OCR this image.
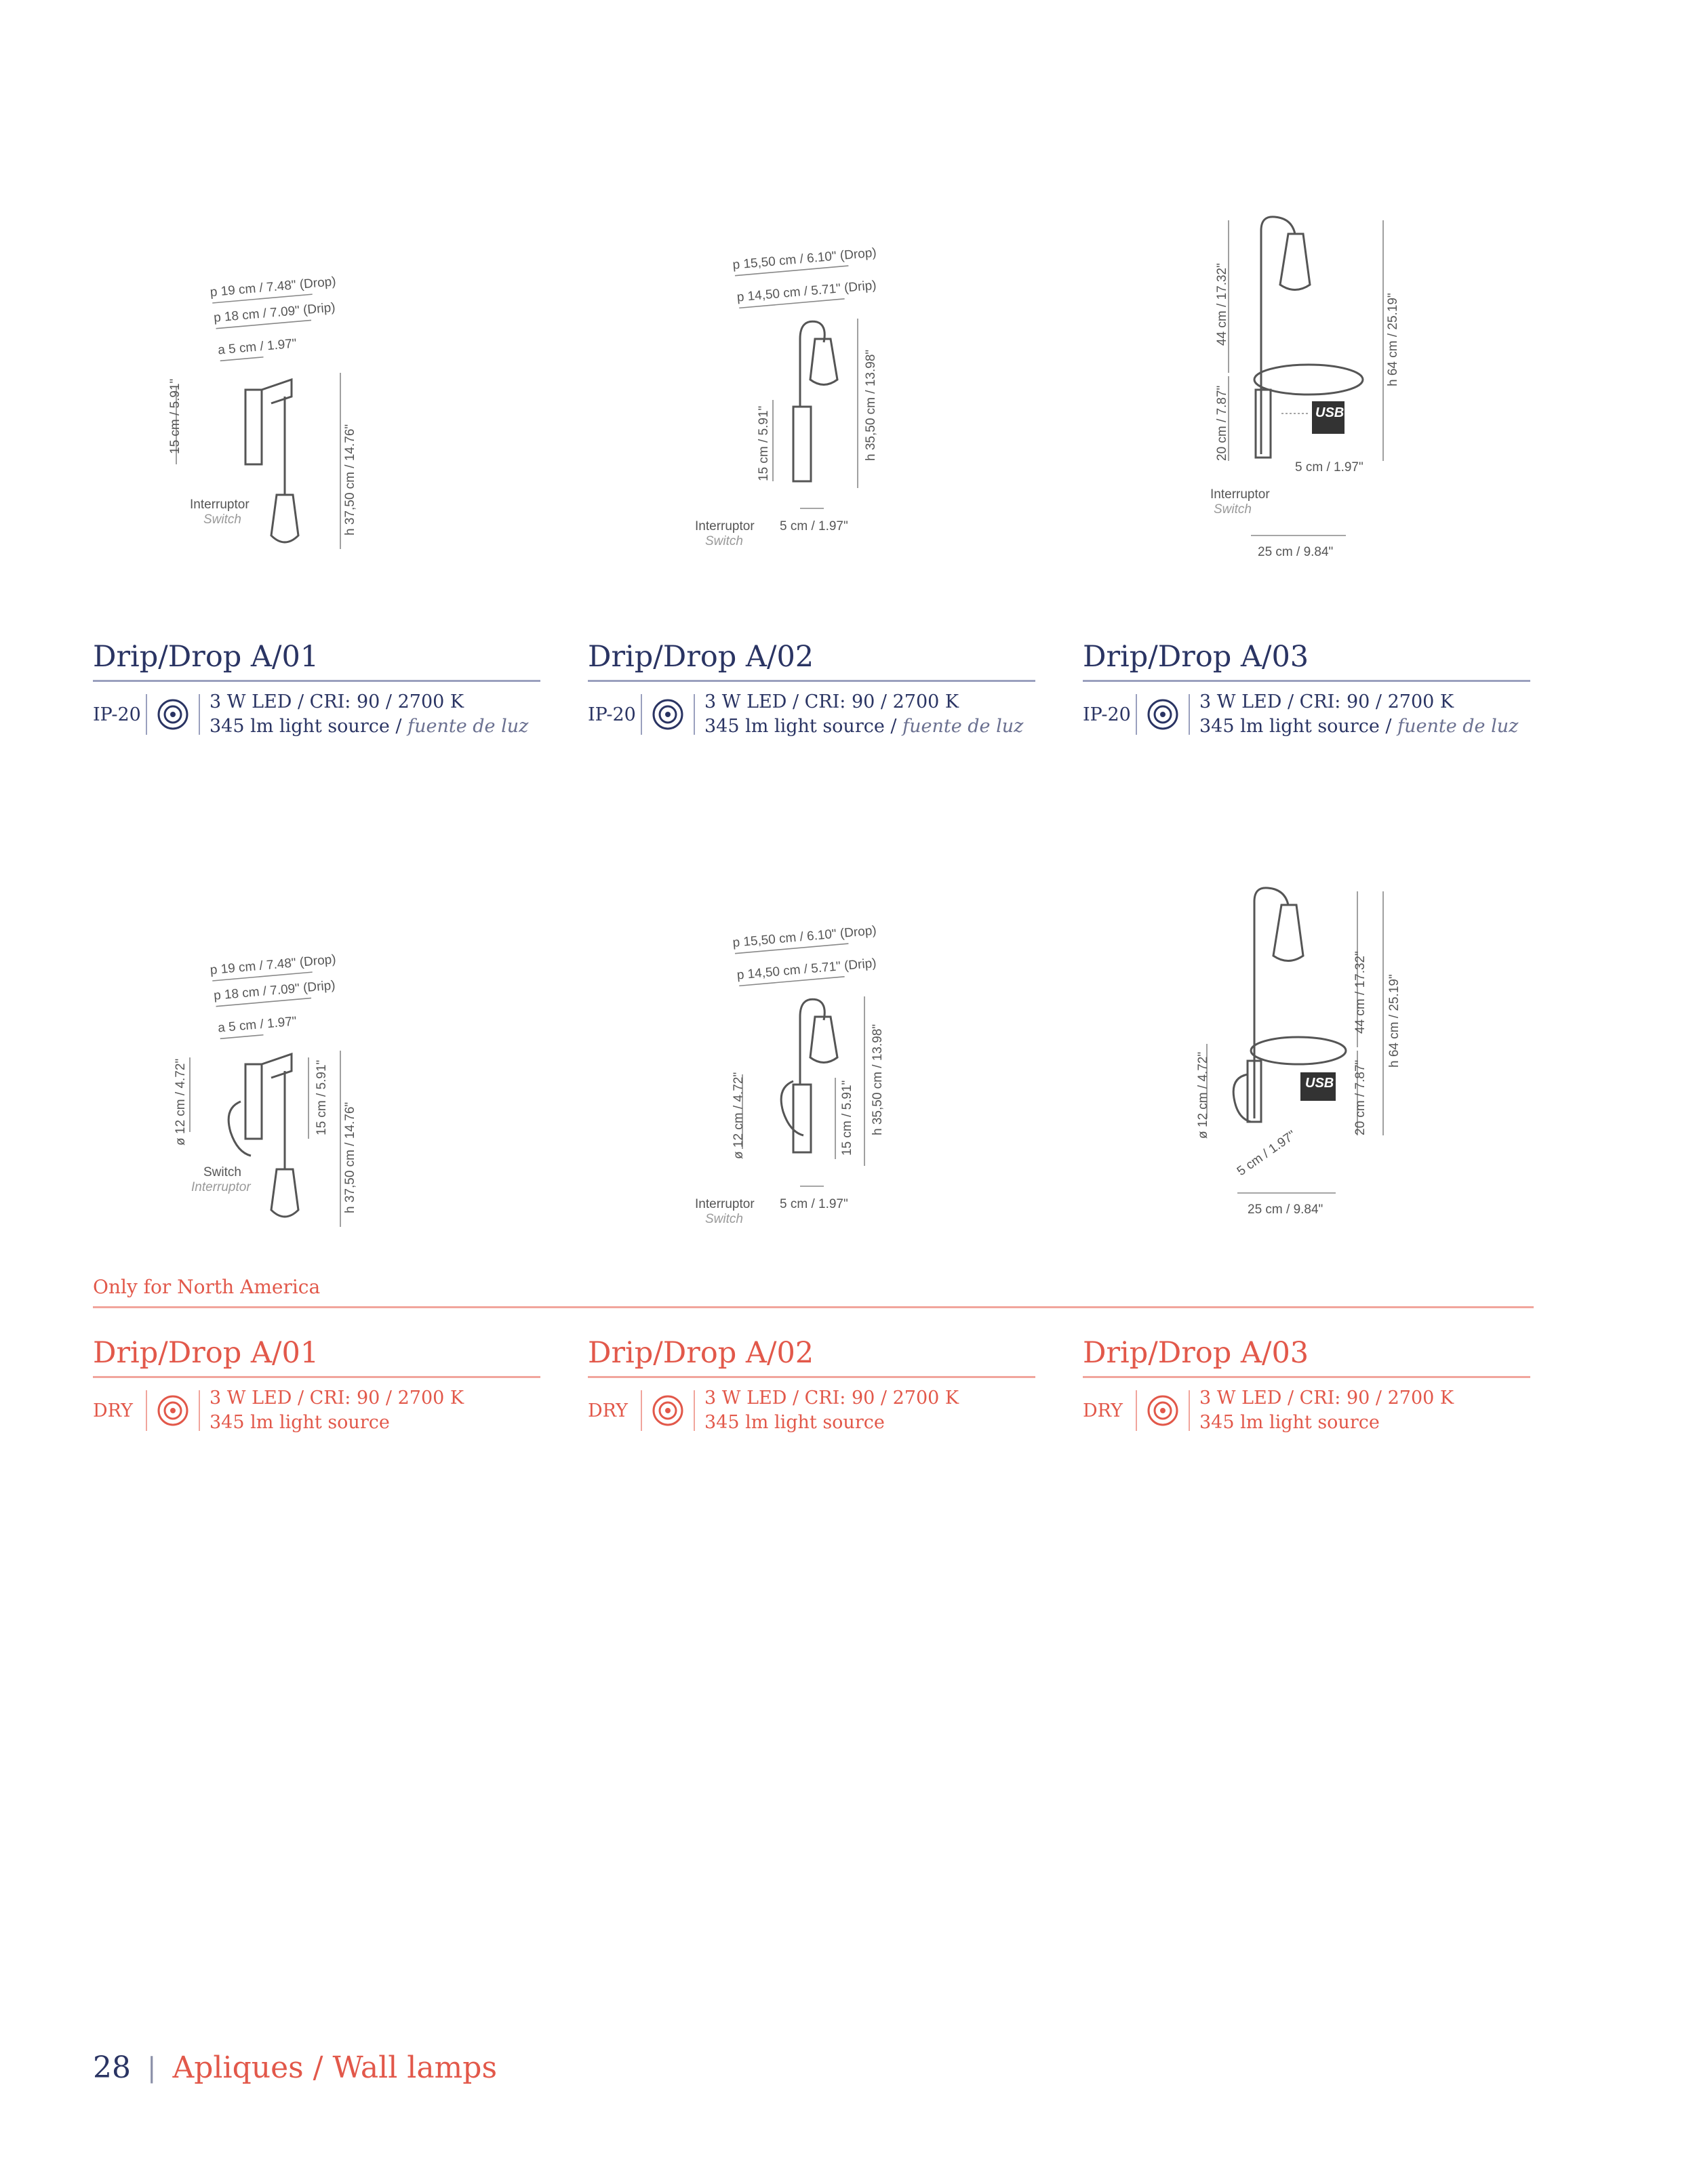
p 19 cm / 7.48" (Drop)
p 18 cm / 7.09" (Drip)
a 5 cm / 1.97"
15 cm / 5.91"
h 37,50 cm / 14.76"
Interruptor
Switch
p 15,50 cm / 6.10" (Drop)
p 14,50 cm / 5.71" (Drip)
15 cm / 5.91"	h 35,50 cm / 13.98"
5 cm / 1.97"
Interruptor
Switch
44 cm / 17.32"
20 cm / 7.87"
h 64 cm / 25.19"
USB
5 cm / 1.97"
Interruptor
Switch
25 cm / 9.84"
Drip/Drop A/01
IP-20
3 W LED / CRI: 90 / 2700 K
345 lm light source / fuente de luz
Drip/Drop A/02
IP-20
3 W LED / CRI: 90 / 2700 K
345 lm light source / fuente de luz
Drip/Drop A/03
IP-20
3 W LED / CRI: 90 / 2700 K
345 lm light source / fuente de luz
p 19 cm / 7.48" (Drop)
p 18 cm / 7.09" (Drip)
a 5 cm / 1.97"
ø 12 cm / 4.72"	15 cm / 5.91"
h 37,50 cm / 14.76"
Switch
Interruptor
p 15,50 cm / 6.10" (Drop)
p 14,50 cm / 5.71" (Drip)
ø 12 cm / 4.72"	15 cm / 5.91" h 35,50 cm / 13.98"
5 cm / 1.97"
Interruptor
Switch
ø 12 cm / 4.72"	USB
44 cm / 17.32"
20 cm / 7.87"
h 64 cm / 25.19"
5 cm / 1.97"
25 cm / 9.84"
Only for North America
Drip/Drop A/01
DRY
3 W LED / CRI: 90 / 2700 K
345 lm light source
Drip/Drop A/02
DRY
3 W LED / CRI: 90 / 2700 K
345 lm light source
Drip/Drop A/03
DRY
3 W LED / CRI: 90 / 2700 K
345 lm light source
28 | Apliques / Wall lamps
